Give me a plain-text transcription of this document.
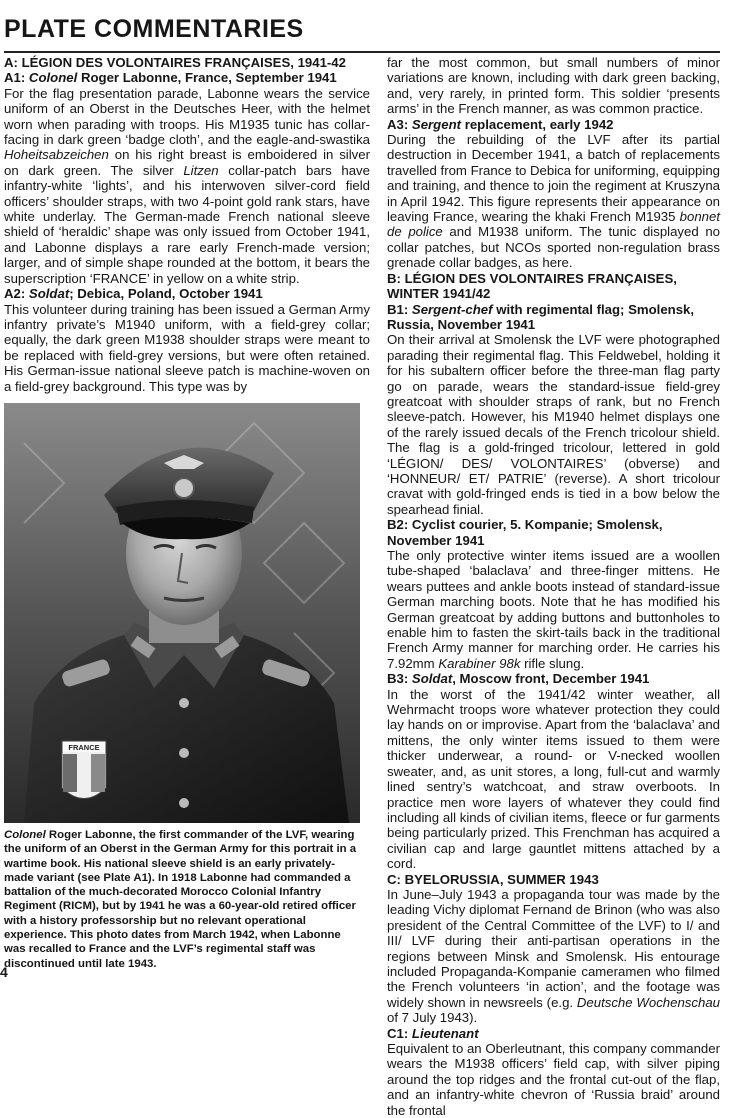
PLATE COMMENTARIES

A: LÉGION DES VOLONTAIRES FRANÇAISES, 1941-42

A1: Colonel Roger Labonne, France, September 1941

For the flag presentation parade, Labonne wears the service uniform of an Oberst in the Deutsches Heer, with the helmet worn when parading with troops. His M1935 tunic has collar-facing in dark green ‘badge cloth’, and the eagle-and-swastika Hoheitsabzeichen on his right breast is emboidered in silver on dark green. The silver Litzen collar-patch bars have infantry-white ‘lights’, and his interwoven silver-cord field officers’ shoulder straps, with two 4-point gold rank stars, have white underlay. The German-made French national sleeve shield of ‘heraldic’ shape was only issued from October 1941, and Labonne displays a rare early French-made version; larger, and of simple shape rounded at the bottom, it bears the superscription ‘FRANCE’ in yellow on a white strip.

A2: Soldat; Debica, Poland, October 1941

This volunteer during training has been issued a German Army infantry private’s M1940 uniform, with a field-grey collar; equally, the dark green M1938 shoulder straps were meant to be replaced with field-grey versions, but were often retained. His German-issue national sleeve patch is machine-woven on a field-grey background. This type was by

FRANCE

Colonel Roger Labonne, the first commander of the LVF, wearing the uniform of an Oberst in the German Army for this portrait in a wartime book. His national sleeve shield is an early privately-made variant (see Plate A1). In 1918 Labonne had commanded a battalion of the much-decorated Morocco Colonial Infantry Regiment (RICM), but by 1941 he was a 60-year-old retired officer with a history professorship but no relevant operational experience. This photo dates from March 1942, when Labonne was recalled to France and the LVF’s regimental staff was discontinued until late 1943.

4

far the most common, but small numbers of minor variations are known, including with dark green backing, and, very rarely, in printed form. This soldier ‘presents arms’ in the French manner, as was common practice.

A3: Sergent replacement, early 1942

During the rebuilding of the LVF after its partial destruction in December 1941, a batch of replacements travelled from France to Debica for uniforming, equipping and training, and thence to join the regiment at Kruszyna in April 1942. This figure represents their appearance on leaving France, wearing the khaki French M1935 bonnet de police and M1938 uniform. The tunic displayed no collar patches, but NCOs sported non-regulation brass grenade collar badges, as here.

B: LÉGION DES VOLONTAIRES FRANÇAISES, WINTER 1941/42

B1: Sergent-chef with regimental flag; Smolensk, Russia, November 1941

On their arrival at Smolensk the LVF were photographed parading their regimental flag. This Feldwebel, holding it for his subaltern officer before the three-man flag party go on parade, wears the standard-issue field-grey greatcoat with shoulder straps of rank, but no French sleeve-patch. However, his M1940 helmet displays one of the rarely issued decals of the French tricolour shield. The flag is a gold-fringed tricolour, lettered in gold ‘LÉGION/ DES/ VOLONTAIRES’ (obverse) and ‘HONNEUR/ ET/ PATRIE’ (reverse). A short tricolour cravat with gold-fringed ends is tied in a bow below the spearhead finial.

B2: Cyclist courier, 5. Kompanie; Smolensk, November 1941

The only protective winter items issued are a woollen tube-shaped ‘balaclava’ and three-finger mittens. He wears puttees and ankle boots instead of standard-issue German marching boots. Note that he has modified his German greatcoat by adding buttons and buttonholes to enable him to fasten the skirt-tails back in the traditional French Army manner for marching order. He carries his 7.92mm Karabiner 98k rifle slung.

B3: Soldat, Moscow front, December 1941

In the worst of the 1941/42 winter weather, all Wehrmacht troops wore whatever protection they could lay hands on or improvise. Apart from the ‘balaclava’ and mittens, the only winter items issued to them were thicker underwear, a round- or V-necked woollen sweater, and, as unit stores, a long, full-cut and warmly lined sentry’s watchcoat, and straw overboots. In practice men wore layers of whatever they could find including all kinds of civilian items, fleece or fur garments being particularly prized. This Frenchman has acquired a civilian cap and large gauntlet mittens attached by a cord.

C: BYELORUSSIA, SUMMER 1943

In June–July 1943 a propaganda tour was made by the leading Vichy diplomat Fernand de Brinon (who was also president of the Central Committee of the LVF) to I/ and III/ LVF during their anti-partisan operations in the regions between Minsk and Smolensk. His entourage included Propaganda-Kompanie cameramen who filmed the French volunteers ‘in action’, and the footage was widely shown in newsreels (e.g. Deutsche Wochenschau of 7 July 1943).

C1: Lieutenant

Equivalent to an Oberleutnant, this company commander wears the M1938 officers’ field cap, with silver piping around the top ridges and the frontal cut-out of the flap, and an infantry-white chevron of ‘Russia braid’ around the frontal
